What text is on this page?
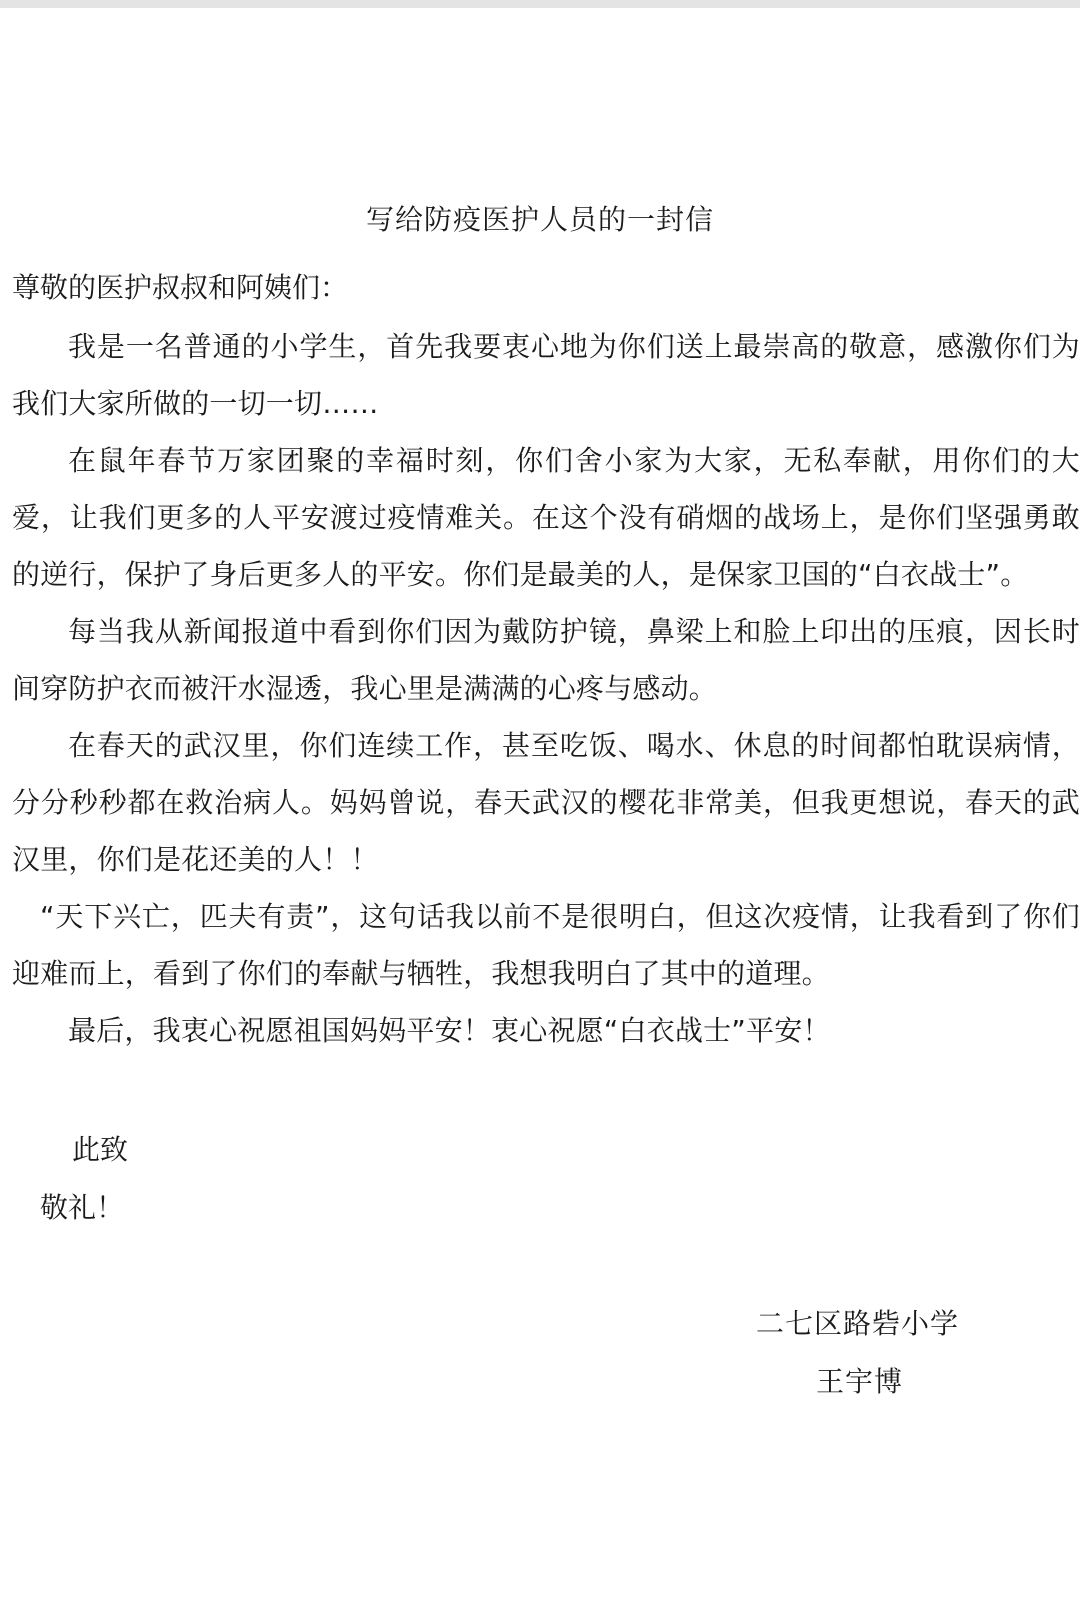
写给防疫医护人员的一封信
尊敬的医护叔叔和阿姨们：

我是一名普通的小学生，首先我要衷心地为你们送上最崇高的敬意，感激你们为我们大家所做的一切一切……

在鼠年春节万家团聚的幸福时刻，你们舍小家为大家，无私奉献，用你们的大爱，让我们更多的人平安渡过疫情难关。在这个没有硝烟的战场上，是你们坚强勇敢的逆行，保护了身后更多人的平安。你们是最美的人，是保家卫国的“白衣战士”。

每当我从新闻报道中看到你们因为戴防护镜，鼻梁上和脸上印出的压痕，因长时间穿防护衣而被汗水湿透，我心里是满满的心疼与感动。

在春天的武汉里，你们连续工作，甚至吃饭、喝水、休息的时间都怕耽误病情，分分秒秒都在救治病人。妈妈曾说，春天武汉的樱花非常美，但我更想说，春天的武汉里，你们是花还美的人！！

“天下兴亡，匹夫有责”，这句话我以前不是很明白，但这次疫情，让我看到了你们迎难而上，看到了你们的奉献与牺牲，我想我明白了其中的道理。

最后，我衷心祝愿祖国妈妈平安！衷心祝愿“白衣战士”平安！

此致
敬礼！
二七区路砦小学
王宇博
